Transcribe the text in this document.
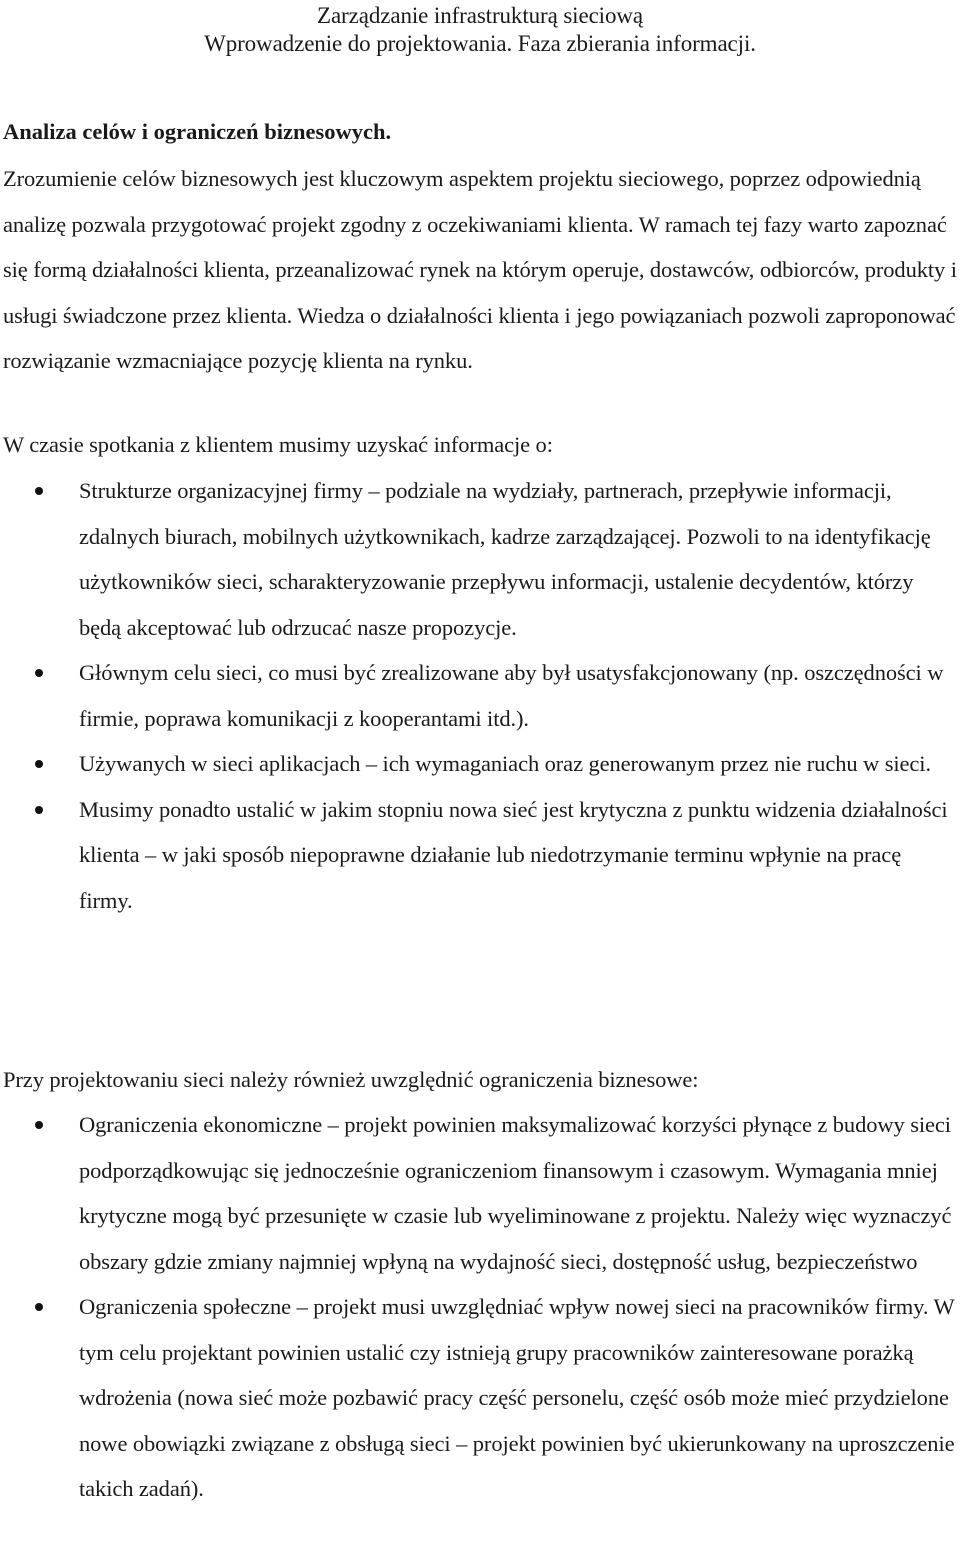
Zarządzanie infrastrukturą sieciową
Wprowadzenie do projektowania. Faza zbierania informacji.
Analiza celów i ograniczeń biznesowych.
Zrozumienie celów biznesowych jest kluczowym aspektem projektu sieciowego, poprzez odpowiednią analizę pozwala przygotować projekt zgodny z oczekiwaniami klienta. W ramach tej fazy warto zapoznać się formą działalności klienta, przeanalizować rynek na którym operuje, dostawców, odbiorców, produkty i usługi świadczone przez klienta. Wiedza o działalności klienta i jego powiązaniach pozwoli zaproponować rozwiązanie wzmacniające pozycję klienta na rynku.
W czasie spotkania z klientem musimy uzyskać informacje o:
Strukturze organizacyjnej firmy – podziale na wydziały, partnerach, przepływie informacji, zdalnych biurach, mobilnych użytkownikach, kadrze zarządzającej. Pozwoli to na identyfikację użytkowników sieci, scharakteryzowanie przepływu informacji, ustalenie decydentów, którzy będą akceptować lub odrzucać nasze propozycje.
Głównym celu sieci, co musi być zrealizowane aby był usatysfakcjonowany (np. oszczędności w firmie, poprawa komunikacji z kooperantami itd.).
Używanych w sieci aplikacjach – ich wymaganiach oraz generowanym przez nie ruchu w sieci.
Musimy ponadto ustalić w jakim stopniu nowa sieć jest krytyczna z punktu widzenia działalności klienta – w jaki sposób niepoprawne działanie lub niedotrzymanie terminu wpłynie na pracę firmy.
Przy projektowaniu sieci należy również uwzględnić ograniczenia biznesowe:
Ograniczenia ekonomiczne – projekt powinien maksymalizować korzyści płynące z budowy sieci podporządkowując się jednocześnie ograniczeniom finansowym i czasowym. Wymagania mniej krytyczne mogą być przesunięte w czasie lub wyeliminowane z projektu. Należy więc wyznaczyć obszary gdzie zmiany najmniej wpłyną na wydajność sieci, dostępność usług, bezpieczeństwo
Ograniczenia społeczne – projekt musi uwzględniać wpływ nowej sieci na pracowników firmy. W tym celu projektant powinien ustalić czy istnieją grupy pracowników zainteresowane porażką wdrożenia (nowa sieć może pozbawić pracy część personelu, część osób może mieć przydzielone nowe obowiązki związane z obsługą sieci – projekt powinien być ukierunkowany na uproszczenie takich zadań).
